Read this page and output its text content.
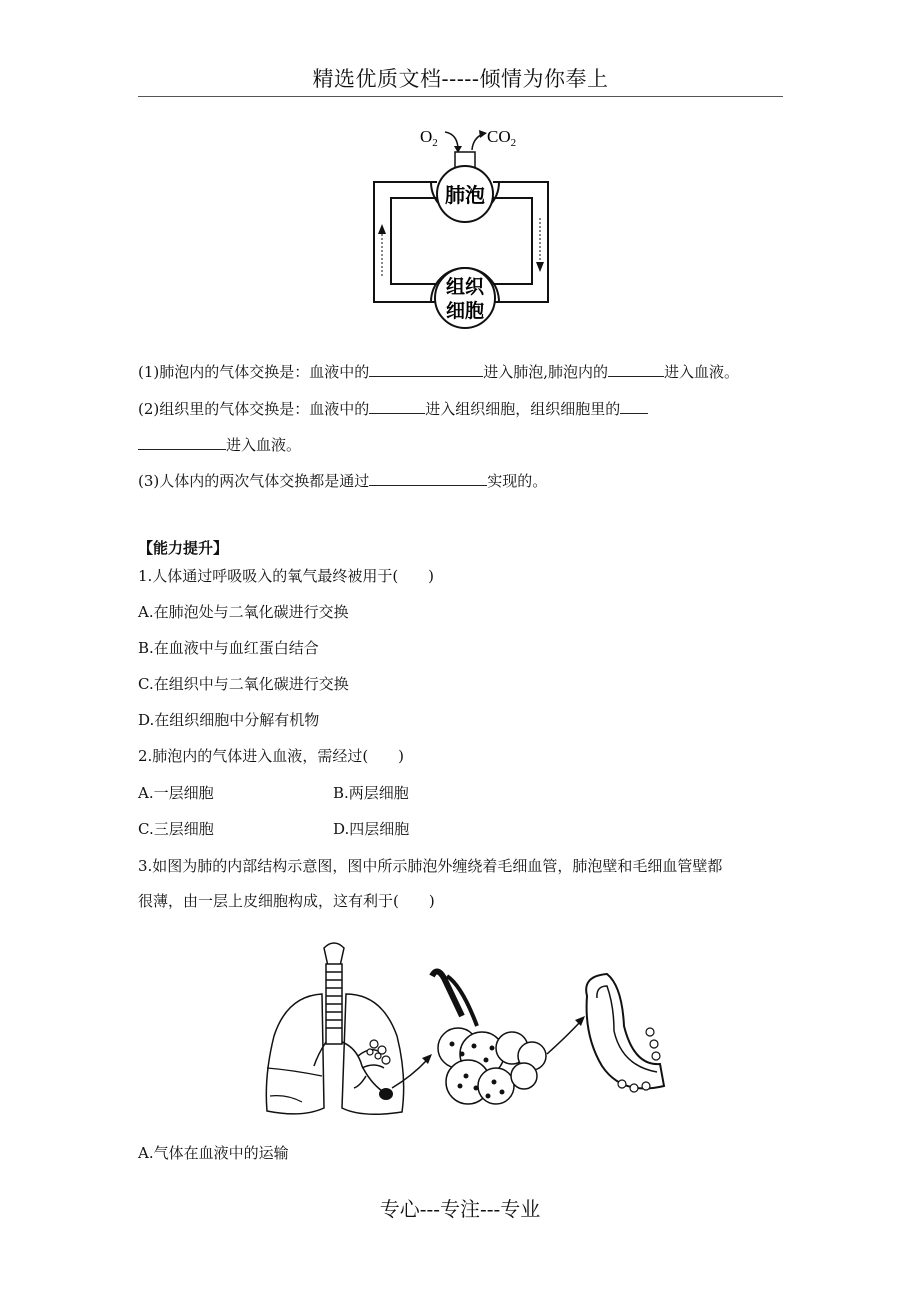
精选优质文档-----倾情为你奉上
$O_2$	$CO_2$
肺泡
组织
细胞
(1)肺泡内的气体交换是：血液中的	进入肺泡,肺泡内的	进入血液。
(2)组织里的气体交换是：血液中的	进入组织细胞，组织细胞里的
进入血液。
(3)人体内的两次气体交换都是通过	实现的。
【能力提升】
1.人体通过呼吸吸入的氧气最终被用于(　　)
A.在肺泡处与二氧化碳进行交换
B.在血液中与血红蛋白结合
C.在组织中与二氧化碳进行交换
D.在组织细胞中分解有机物
2.肺泡内的气体进入血液，需经过(　　)
A.一层细胞	B.两层细胞
C.三层细胞	D.四层细胞
3.如图为肺的内部结构示意图，图中所示肺泡外缠绕着毛细血管，肺泡壁和毛细血管壁都
很薄，由一层上皮细胞构成，这有利于(　　)
A.气体在血液中的运输
专心---专注---专业
